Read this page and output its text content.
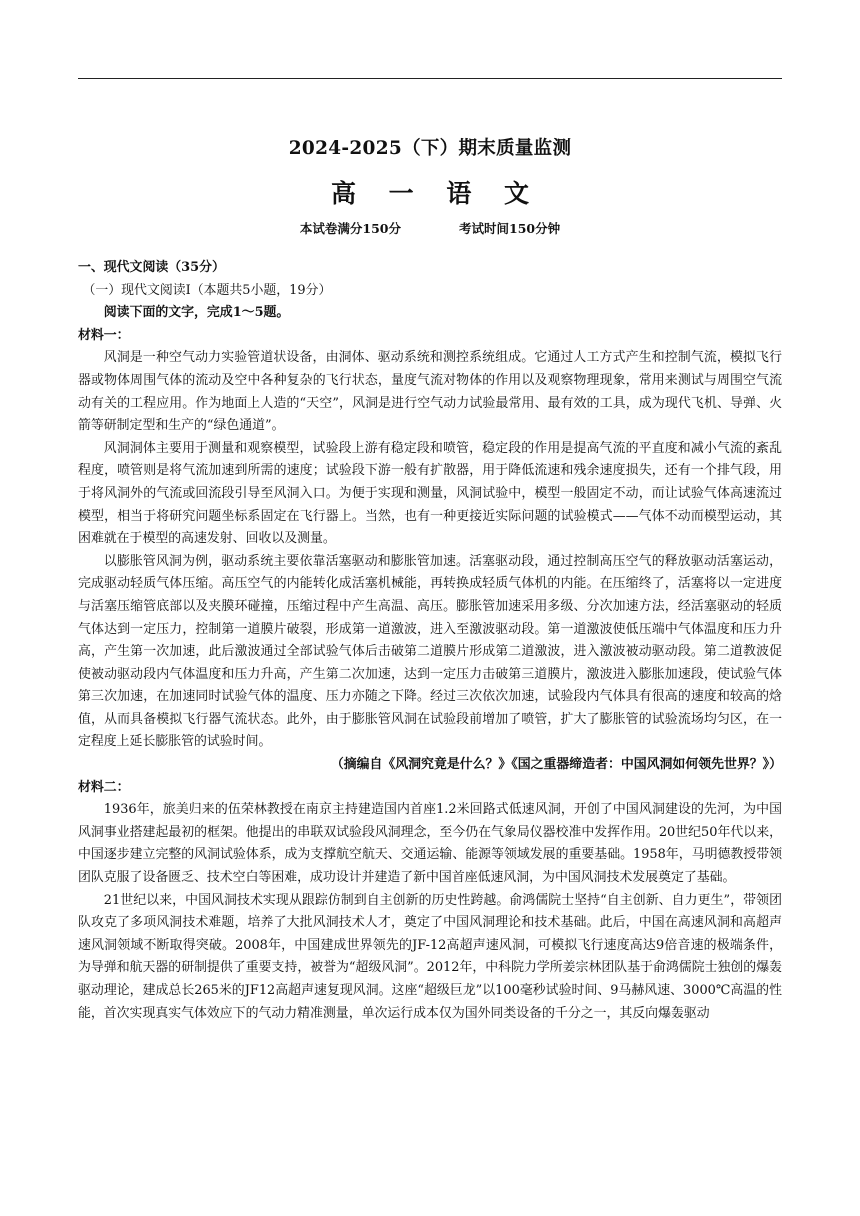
2024-2025（下）期末质量监测
高 一 语 文
本试卷满分150分	考试时间150分钟

一、现代文阅读（35分）

（一）现代文阅读Ⅰ（本题共5小题，19分）

阅读下面的文字，完成1～5题。

材料一：

风洞是一种空气动力实验管道状设备，由洞体、驱动系统和测控系统组成。它通过人工方式产生和控制气流，模拟飞行器或物体周围气体的流动及空中各种复杂的飞行状态，量度气流对物体的作用以及观察物理现象，常用来测试与周围空气流动有关的工程应用。作为地面上人造的“天空”，风洞是进行空气动力试验最常用、最有效的工具，成为现代飞机、导弹、火箭等研制定型和生产的“绿色通道”。

风洞洞体主要用于测量和观察模型，试验段上游有稳定段和喷管，稳定段的作用是提高气流的平直度和减小气流的紊乱程度，喷管则是将气流加速到所需的速度；试验段下游一般有扩散器，用于降低流速和残余速度损失，还有一个排气段，用于将风洞外的气流或回流段引导至风洞入口。为便于实现和测量，风洞试验中，模型一般固定不动，而让试验气体高速流过模型，相当于将研究问题坐标系固定在飞行器上。当然，也有一种更接近实际问题的试验模式——气体不动而模型运动，其困难就在于模型的高速发射、回收以及测量。

以膨胀管风洞为例，驱动系统主要依靠活塞驱动和膨胀管加速。活塞驱动段，通过控制高压空气的释放驱动活塞运动，完成驱动轻质气体压缩。高压空气的内能转化成活塞机械能，再转换成轻质气体机的内能。在压缩终了，活塞将以一定进度与活塞压缩管底部以及夹膜环碰撞，压缩过程中产生高温、高压。膨胀管加速采用多级、分次加速方法，经活塞驱动的轻质气体达到一定压力，控制第一道膜片破裂，形成第一道激波，进入至激波驱动段。第一道激波使低压端中气体温度和压力升高，产生第一次加速，此后激波通过全部试验气体后击破第二道膜片形成第二道激波，进入激波被动驱动段。第二道教波促使被动驱动段内气体温度和压力升高，产生第二次加速，达到一定压力击破第三道膜片，激波进入膨胀加速段，使试验气体第三次加速，在加速同时试验气体的温度、压力亦随之下降。经过三次依次加速，试验段内气体具有很高的速度和较高的焓值，从而具备模拟飞行器气流状态。此外，由于膨胀管风洞在试验段前增加了喷管，扩大了膨胀管的试验流场均匀区，在一定程度上延长膨胀管的试验时间。

（摘编自《风洞究竟是什么？》《国之重器缔造者：中国风洞如何领先世界？》）

材料二：

1936年，旅美归来的伍荣林教授在南京主持建造国内首座1.2米回路式低速风洞，开创了中国风洞建设的先河，为中国风洞事业搭建起最初的框架。他提出的串联双试验段风洞理念，至今仍在气象局仪器校准中发挥作用。20世纪50年代以来，中国逐步建立完整的风洞试验体系，成为支撑航空航天、交通运输、能源等领域发展的重要基础。1958年，马明德教授带领团队克服了设备匮乏、技术空白等困难，成功设计并建造了新中国首座低速风洞，为中国风洞技术发展奠定了基础。

21世纪以来，中国风洞技术实现从跟踪仿制到自主创新的历史性跨越。俞鸿儒院士坚持“自主创新、自力更生”，带领团队攻克了多项风洞技术难题，培养了大批风洞技术人才，奠定了中国风洞理论和技术基础。此后，中国在高速风洞和高超声速风洞领域不断取得突破。2008年，中国建成世界领先的JF-12高超声速风洞，可模拟飞行速度高达9倍音速的极端条件，为导弹和航天器的研制提供了重要支持，被誉为“超级风洞”。2012年，中科院力学所姜宗林团队基于俞鸿儒院士独创的爆轰驱动理论，建成总长265米的JF12高超声速复现风洞。这座“超级巨龙”以100毫秒试验时间、9马赫风速、3000℃高温的性能，首次实现真实气体效应下的气动力精准测量，单次运行成本仅为国外同类设备的千分之一，其反向爆轰驱动
